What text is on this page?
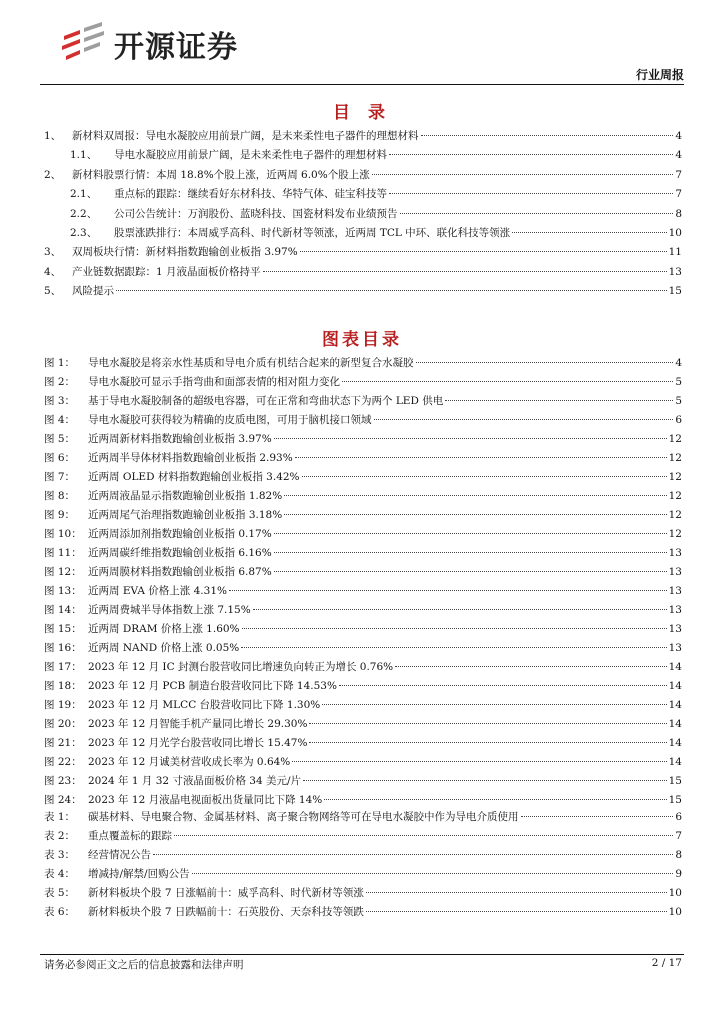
开源证券
行业周报
目 录
1、	新材料双周报：导电水凝胶应用前景广阔，是未来柔性电子器件的理想材料	4
1.1、	导电水凝胶应用前景广阔，是未来柔性电子器件的理想材料	4
2、	新材料股票行情：本周 18.8%个股上涨，近两周 6.0%个股上涨	7
2.1、	重点标的跟踪：继续看好东材科技、华特气体、硅宝科技等	7
2.2、	公司公告统计：万润股份、蓝晓科技、国瓷材料发布业绩预告	8
2.3、	股票涨跌排行：本周威孚高科、时代新材等领涨，近两周 TCL 中环、联化科技等领涨	10
3、	双周板块行情：新材料指数跑输创业板指 3.97%	11
4、	产业链数据跟踪：1 月液晶面板价格持平	13
5、	风险提示	15
图表目录
图 1：	导电水凝胶是将亲水性基质和导电介质有机结合起来的新型复合水凝胶	4
图 2：	导电水凝胶可显示手指弯曲和面部表情的相对阻力变化	5
图 3：	基于导电水凝胶制备的超级电容器，可在正常和弯曲状态下为两个 LED 供电	5
图 4：	导电水凝胶可获得较为精确的皮质电图，可用于脑机接口领域	6
图 5：	近两周新材料指数跑输创业板指 3.97%	12
图 6：	近两周半导体材料指数跑输创业板指 2.93%	12
图 7：	近两周 OLED 材料指数跑输创业板指 3.42%	12
图 8：	近两周液晶显示指数跑输创业板指 1.82%	12
图 9：	近两周尾气治理指数跑输创业板指 3.18%	12
图 10： 近两周添加剂指数跑输创业板指 0.17%	12
图 11： 近两周碳纤维指数跑输创业板指 6.16%	13
图 12： 近两周膜材料指数跑输创业板指 6.87%	13
图 13： 近两周 EVA 价格上涨 4.31%	13
图 14： 近两周费城半导体指数上涨 7.15%	13
图 15： 近两周 DRAM 价格上涨 1.60%	13
图 16： 近两周 NAND 价格上涨 0.05%	13
图 17： 2023 年 12 月 IC 封测台股营收同比增速负向转正为增长 0.76%	14
图 18： 2023 年 12 月 PCB 制造台股营收同比下降 14.53%	14
图 19： 2023 年 12 月 MLCC 台股营收同比下降 1.30%	14
图 20： 2023 年 12 月智能手机产量同比增长 29.30%	14
图 21： 2023 年 12 月光学台股营收同比增长 15.47%	14
图 22： 2023 年 12 月诚美材营收成长率为 0.64%	14
图 23： 2024 年 1 月 32 寸液晶面板价格 34 美元/片	15
图 24： 2023 年 12 月液晶电视面板出货量同比下降 14%	15
表 1：	碳基材料、导电聚合物、金属基材料、离子聚合物网络等可在导电水凝胶中作为导电介质使用	6
表 2：	重点覆盖标的跟踪	7
表 3：	经营情况公告	8
表 4：	增减持/解禁/回购公告	9
表 5：	新材料板块个股 7 日涨幅前十：威孚高科、时代新材等领涨	10
表 6：	新材料板块个股 7 日跌幅前十：石英股份、天奈科技等领跌	10
请务必参阅正文之后的信息披露和法律声明	2 / 17
